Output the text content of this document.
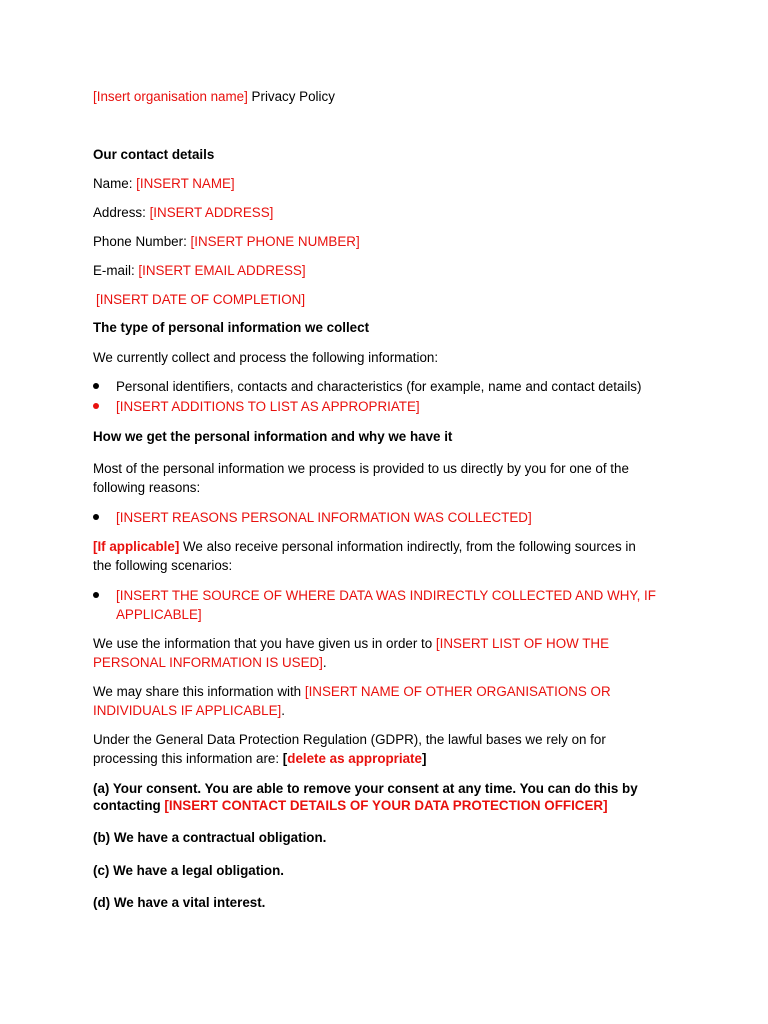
[Insert organisation name] Privacy Policy
Our contact details
Name: [INSERT NAME]
Address: [INSERT ADDRESS]
Phone Number: [INSERT PHONE NUMBER]
E-mail: [INSERT EMAIL ADDRESS]
[INSERT DATE OF COMPLETION]
The type of personal information we collect
We currently collect and process the following information:
Personal identifiers, contacts and characteristics (for example, name and contact details)
[INSERT ADDITIONS TO LIST AS APPROPRIATE]
How we get the personal information and why we have it
Most of the personal information we process is provided to us directly by you for one of the
following reasons:
[INSERT REASONS PERSONAL INFORMATION WAS COLLECTED]
[If applicable] We also receive personal information indirectly, from the following sources in
the following scenarios:
[INSERT THE SOURCE OF WHERE DATA WAS INDIRECTLY COLLECTED AND WHY, IF
APPLICABLE]
We use the information that you have given us in order to [INSERT LIST OF HOW THE
PERSONAL INFORMATION IS USED].
We may share this information with [INSERT NAME OF OTHER ORGANISATIONS OR
INDIVIDUALS IF APPLICABLE].
Under the General Data Protection Regulation (GDPR), the lawful bases we rely on for
processing this information are: [delete as appropriate]
(a) Your consent. You are able to remove your consent at any time. You can do this by
contacting [INSERT CONTACT DETAILS OF YOUR DATA PROTECTION OFFICER]
(b) We have a contractual obligation.
(c) We have a legal obligation.
(d) We have a vital interest.
